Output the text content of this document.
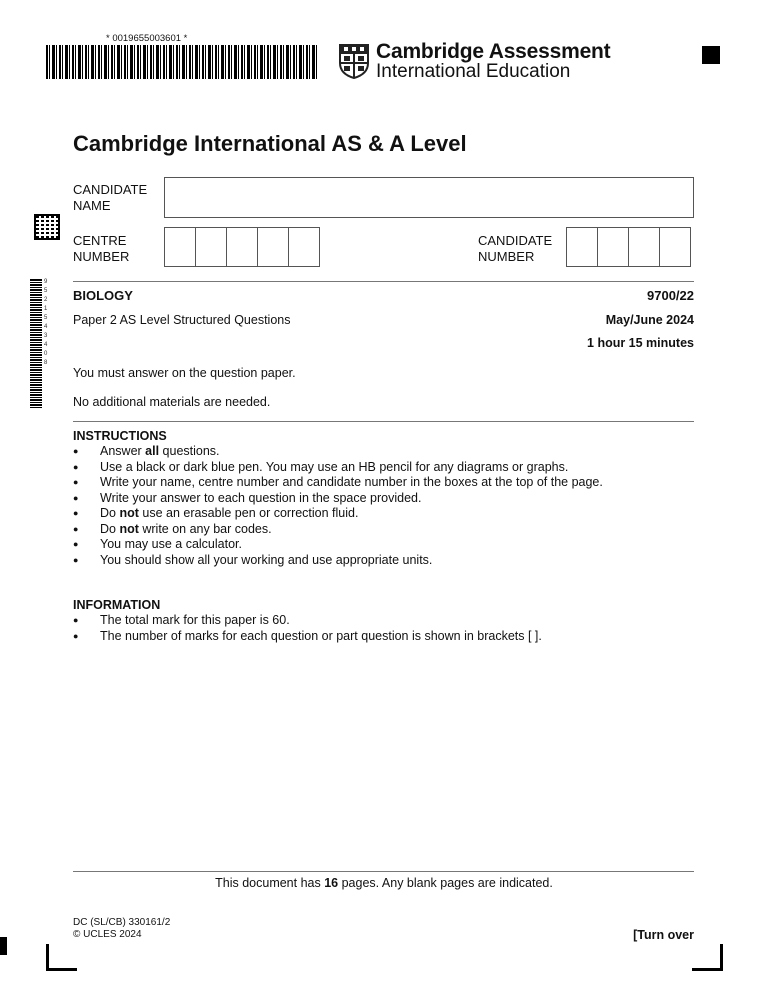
* 0019655003601 *
Cambridge Assessment
International Education
Cambridge International AS & A Level
CANDIDATE
NAME
CENTRE
NUMBER
CANDIDATE
NUMBER
9521543408
BIOLOGY	9700/22
Paper 2 AS Level Structured Questions	May/June 2024
1 hour 15 minutes
You must answer on the question paper.
No additional materials are needed.
INSTRUCTIONS
● Answer all questions.
● Use a black or dark blue pen. You may use an HB pencil for any diagrams or graphs.
● Write your name, centre number and candidate number in the boxes at the top of the page.
● Write your answer to each question in the space provided.
● Do not use an erasable pen or correction fluid.
● Do not write on any bar codes.
● You may use a calculator.
● You should show all your working and use appropriate units.
INFORMATION
● The total mark for this paper is 60.
● The number of marks for each question or part question is shown in brackets [ ].
This document has 16 pages. Any blank pages are indicated.
DC (SL/CB) 330161/2
© UCLES 2024	[Turn over
